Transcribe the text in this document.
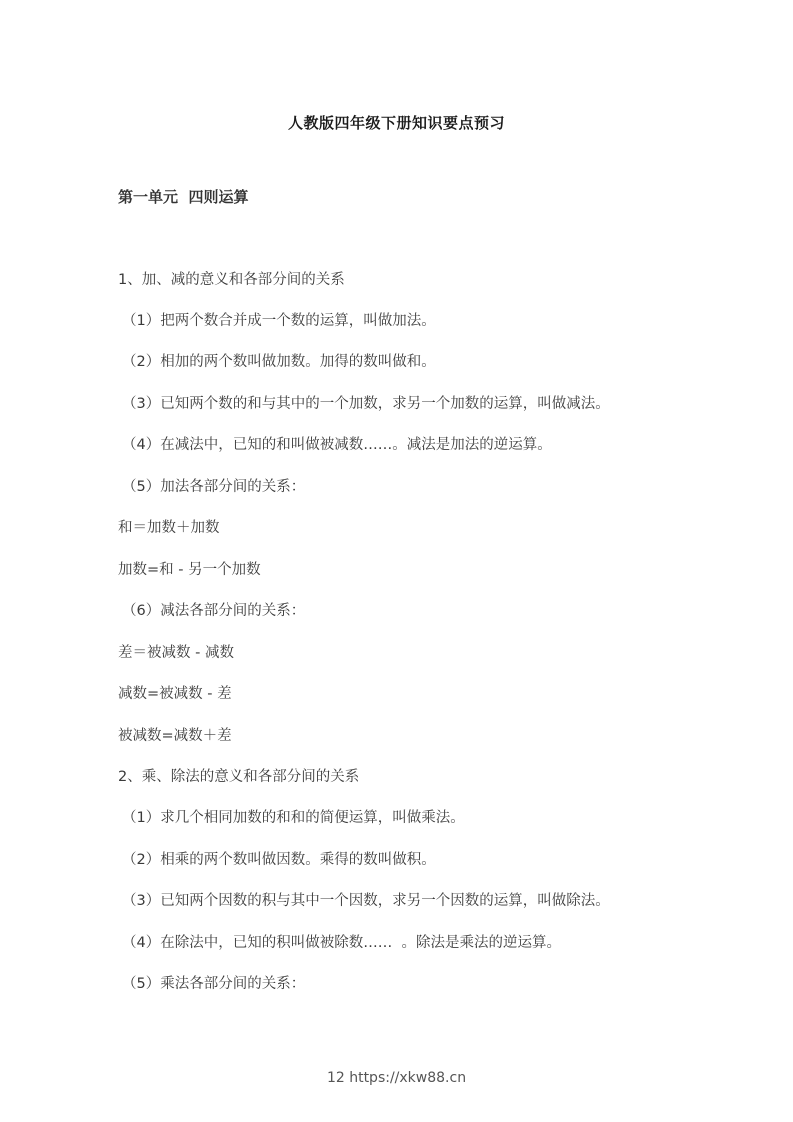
人教版四年级下册知识要点预习
第一单元  四则运算
1、加、减的意义和各部分间的关系
（1）把两个数合并成一个数的运算，叫做加法。
（2）相加的两个数叫做加数。加得的数叫做和。
（3）已知两个数的和与其中的一个加数，求另一个加数的运算，叫做减法。
（4）在减法中，已知的和叫做被减数……。减法是加法的逆运算。
（5）加法各部分间的关系：
和＝加数＋加数
加数=和 - 另一个加数
（6）减法各部分间的关系：
差＝被减数 - 减数
减数=被减数 - 差
被减数=减数＋差
2、乘、除法的意义和各部分间的关系
（1）求几个相同加数的和和的简便运算，叫做乘法。
（2）相乘的两个数叫做因数。乘得的数叫做积。
（3）已知两个因数的积与其中一个因数，求另一个因数的运算，叫做除法。
（4）在除法中，已知的积叫做被除数……  。除法是乘法的逆运算。
（5）乘法各部分间的关系：
12 https://xkw88.cn
